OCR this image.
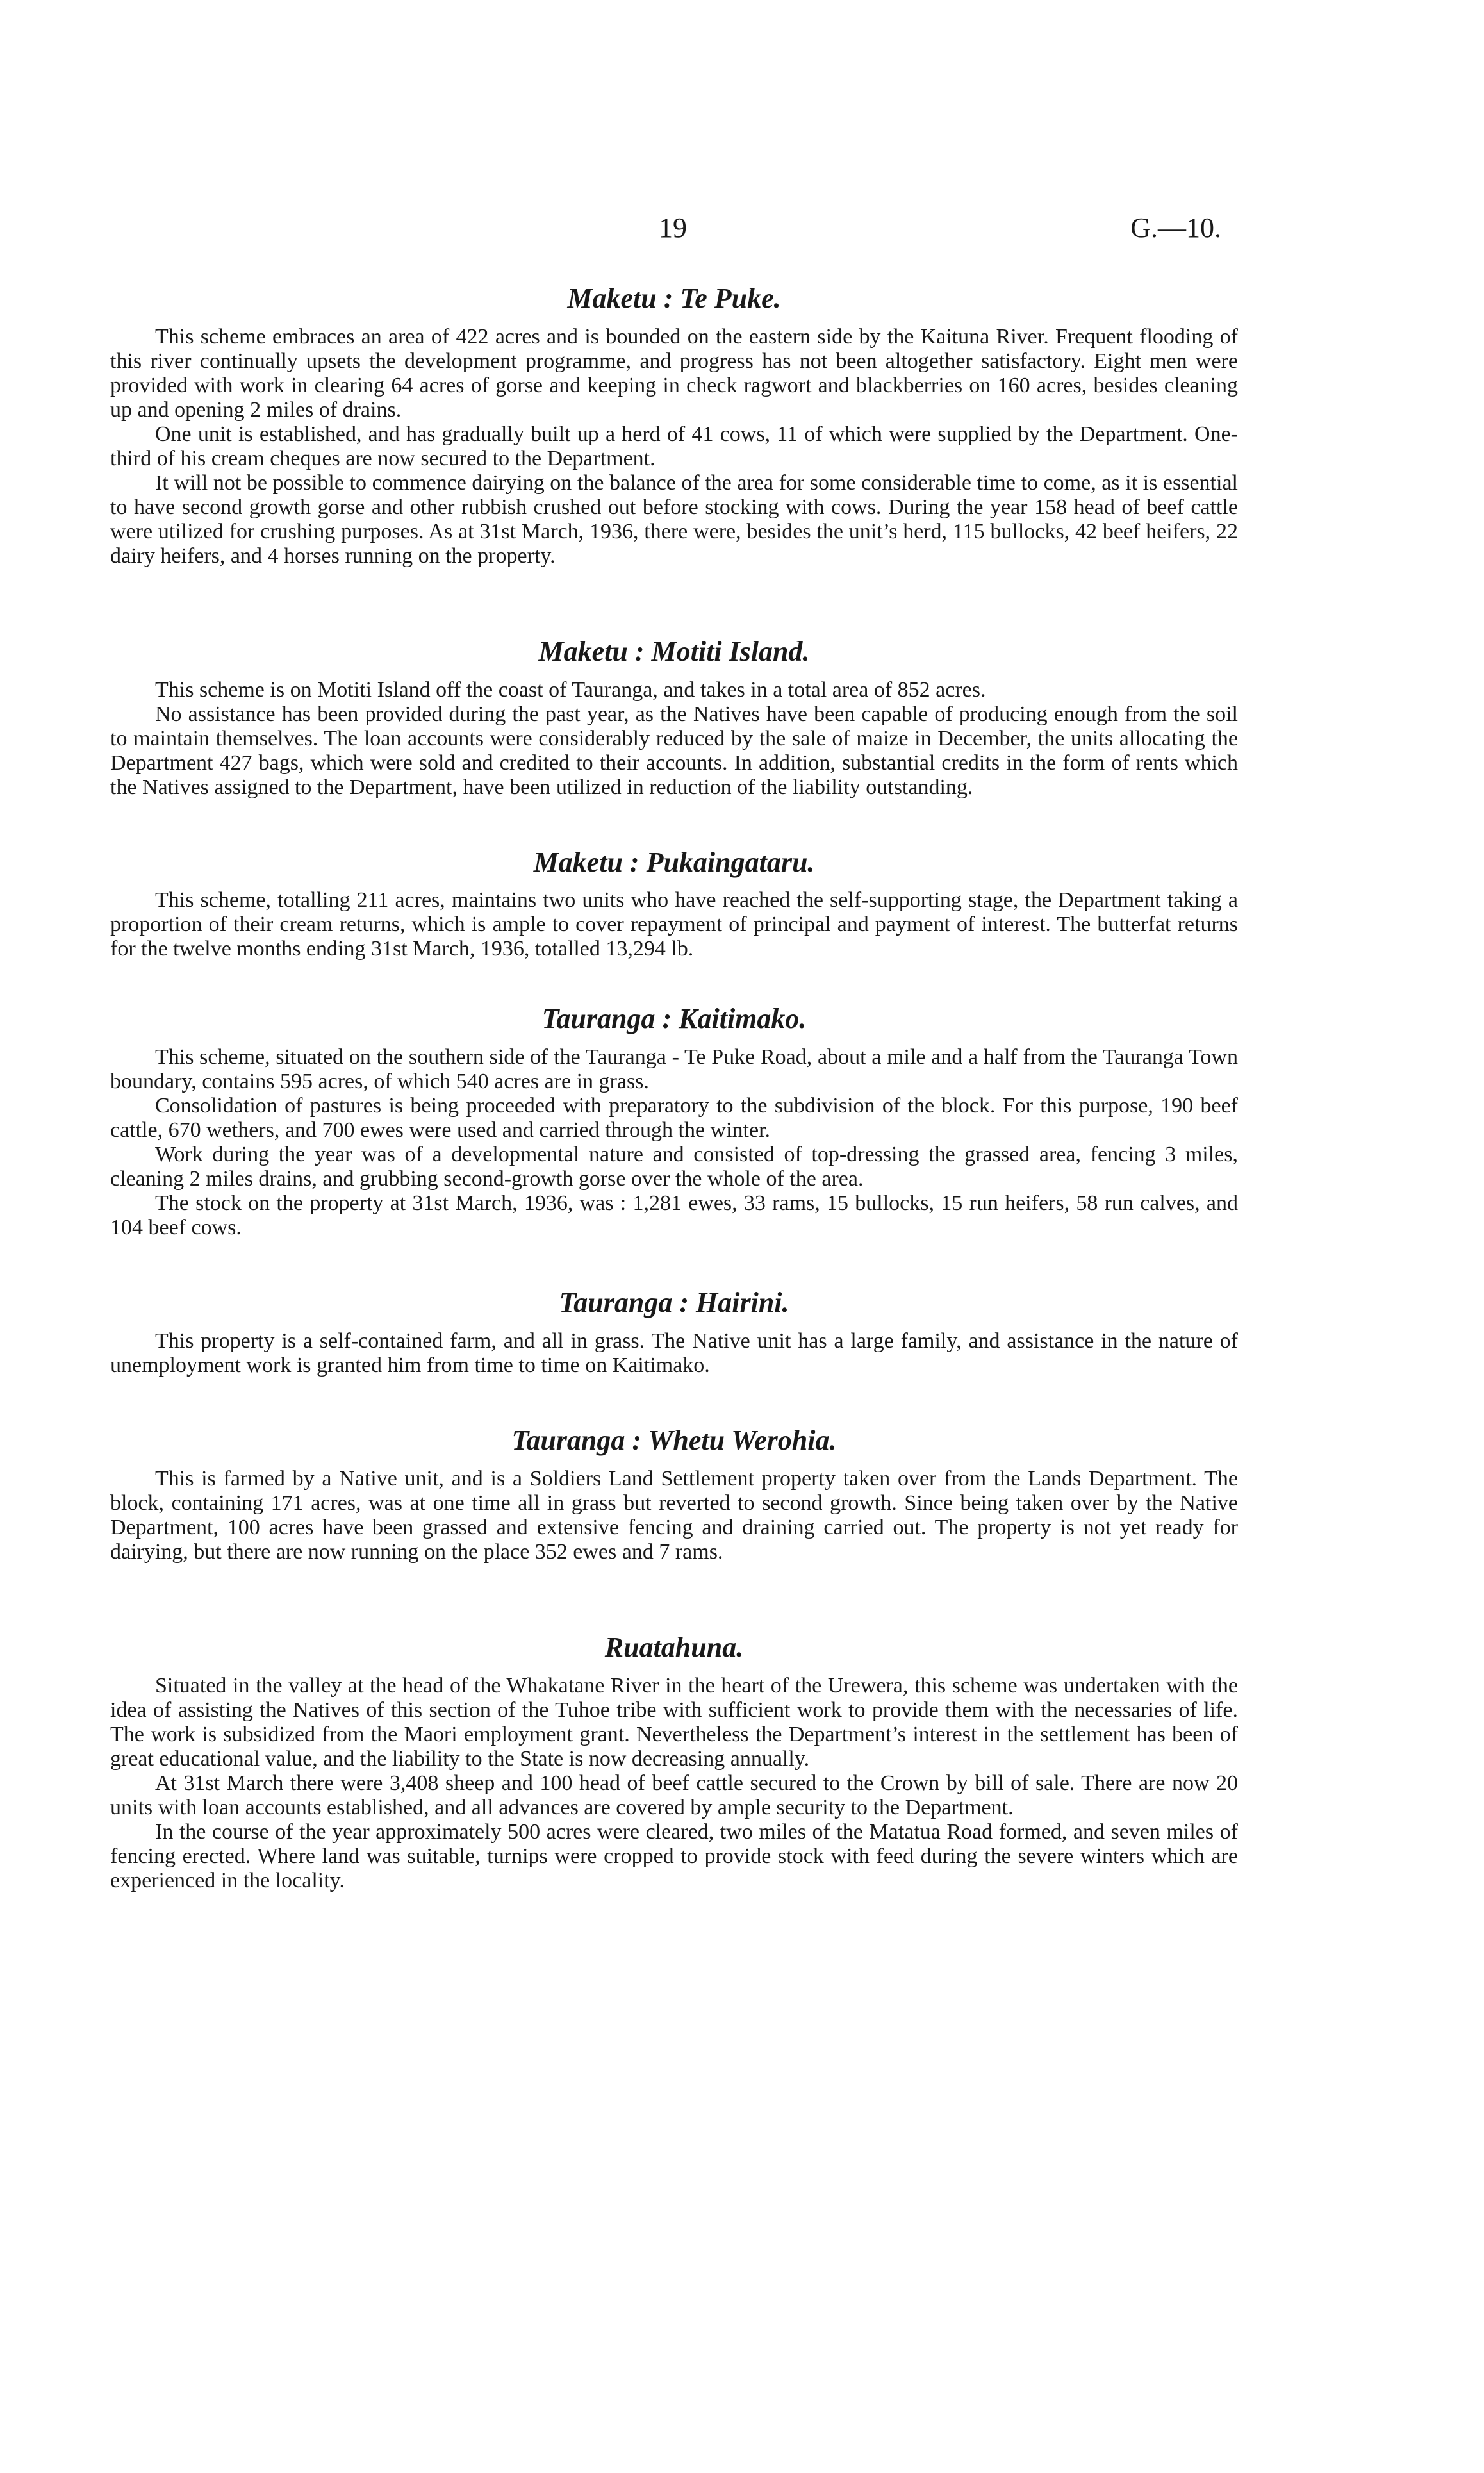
19	G.—10.
Maketu : Te Puke.

This scheme embraces an area of 422 acres and is bounded on the eastern side by the Kaituna River. Frequent flooding of this river continually upsets the development programme, and progress has not been altogether satisfactory. Eight men were provided with work in clearing 64 acres of gorse and keeping in check ragwort and blackberries on 160 acres, besides cleaning up and opening 2 miles of drains.

One unit is established, and has gradually built up a herd of 41 cows, 11 of which were supplied by the Department. One-third of his cream cheques are now secured to the Department.

It will not be possible to commence dairying on the balance of the area for some considerable time to come, as it is essential to have second growth gorse and other rubbish crushed out before stocking with cows. During the year 158 head of beef cattle were utilized for crushing purposes. As at 31st March, 1936, there were, besides the unit’s herd, 115 bullocks, 42 beef heifers, 22 dairy heifers, and 4 horses running on the property.

Maketu : Motiti Island.

This scheme is on Motiti Island off the coast of Tauranga, and takes in a total area of 852 acres.

No assistance has been provided during the past year, as the Natives have been capable of producing enough from the soil to maintain themselves. The loan accounts were considerably reduced by the sale of maize in December, the units allocating the Department 427 bags, which were sold and credited to their accounts. In addition, substantial credits in the form of rents which the Natives assigned to the Department, have been utilized in reduction of the liability outstanding.

Maketu : Pukaingataru.

This scheme, totalling 211 acres, maintains two units who have reached the self-supporting stage, the Department taking a proportion of their cream returns, which is ample to cover repayment of principal and payment of interest. The butterfat returns for the twelve months ending 31st March, 1936, totalled 13,294 lb.

Tauranga : Kaitimako.

This scheme, situated on the southern side of the Tauranga - Te Puke Road, about a mile and a half from the Tauranga Town boundary, contains 595 acres, of which 540 acres are in grass.

Consolidation of pastures is being proceeded with preparatory to the subdivision of the block. For this purpose, 190 beef cattle, 670 wethers, and 700 ewes were used and carried through the winter.

Work during the year was of a developmental nature and consisted of top-dressing the grassed area, fencing 3 miles, cleaning 2 miles drains, and grubbing second-growth gorse over the whole of the area.

The stock on the property at 31st March, 1936, was : 1,281 ewes, 33 rams, 15 bullocks, 15 run heifers, 58 run calves, and 104 beef cows.

Tauranga : Hairini.

This property is a self-contained farm, and all in grass. The Native unit has a large family, and assistance in the nature of unemployment work is granted him from time to time on Kaitimako.

Tauranga : Whetu Werohia.

This is farmed by a Native unit, and is a Soldiers Land Settlement property taken over from the Lands Department. The block, containing 171 acres, was at one time all in grass but reverted to second growth. Since being taken over by the Native Department, 100 acres have been grassed and extensive fencing and draining carried out. The property is not yet ready for dairying, but there are now running on the place 352 ewes and 7 rams.

Ruatahuna.

Situated in the valley at the head of the Whakatane River in the heart of the Urewera, this scheme was undertaken with the idea of assisting the Natives of this section of the Tuhoe tribe with sufficient work to provide them with the necessaries of life. The work is subsidized from the Maori employment grant. Nevertheless the Department’s interest in the settlement has been of great educational value, and the liability to the State is now decreasing annually.

At 31st March there were 3,408 sheep and 100 head of beef cattle secured to the Crown by bill of sale. There are now 20 units with loan accounts established, and all advances are covered by ample security to the Department.

In the course of the year approximately 500 acres were cleared, two miles of the Matatua Road formed, and seven miles of fencing erected. Where land was suitable, turnips were cropped to provide stock with feed during the severe winters which are experienced in the locality.
